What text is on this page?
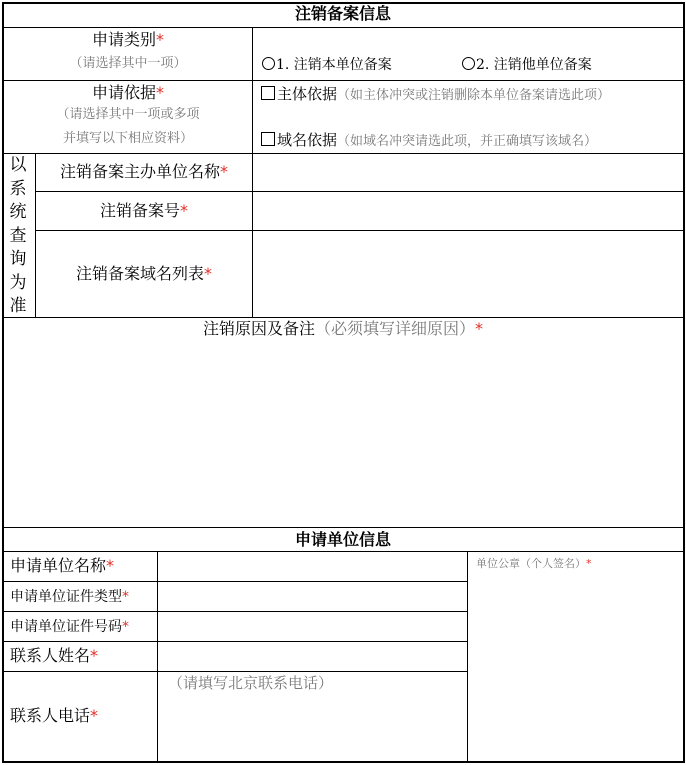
注销备案信息
申请类别*
（请选择其中一项）	1. 注销本单位备案	2. 注销他单位备案
申请依据*
（请选择其中一项或多项
并填写以下相应资料）
主体依据（如主体冲突或注销删除本单位备案请选此项）
域名依据（如域名冲突请选此项，并正确填写该域名）
以
系
统
查
询
为
准
注销备案主办单位名称*
注销备案号*
注销备案域名列表*
注销原因及备注（必须填写详细原因）*
申请单位信息
申请单位名称*
申请单位证件类型*
申请单位证件号码*
联系人姓名*
联系人电话*
（请填写北京联系电话）
单位公章（个人签名）*
